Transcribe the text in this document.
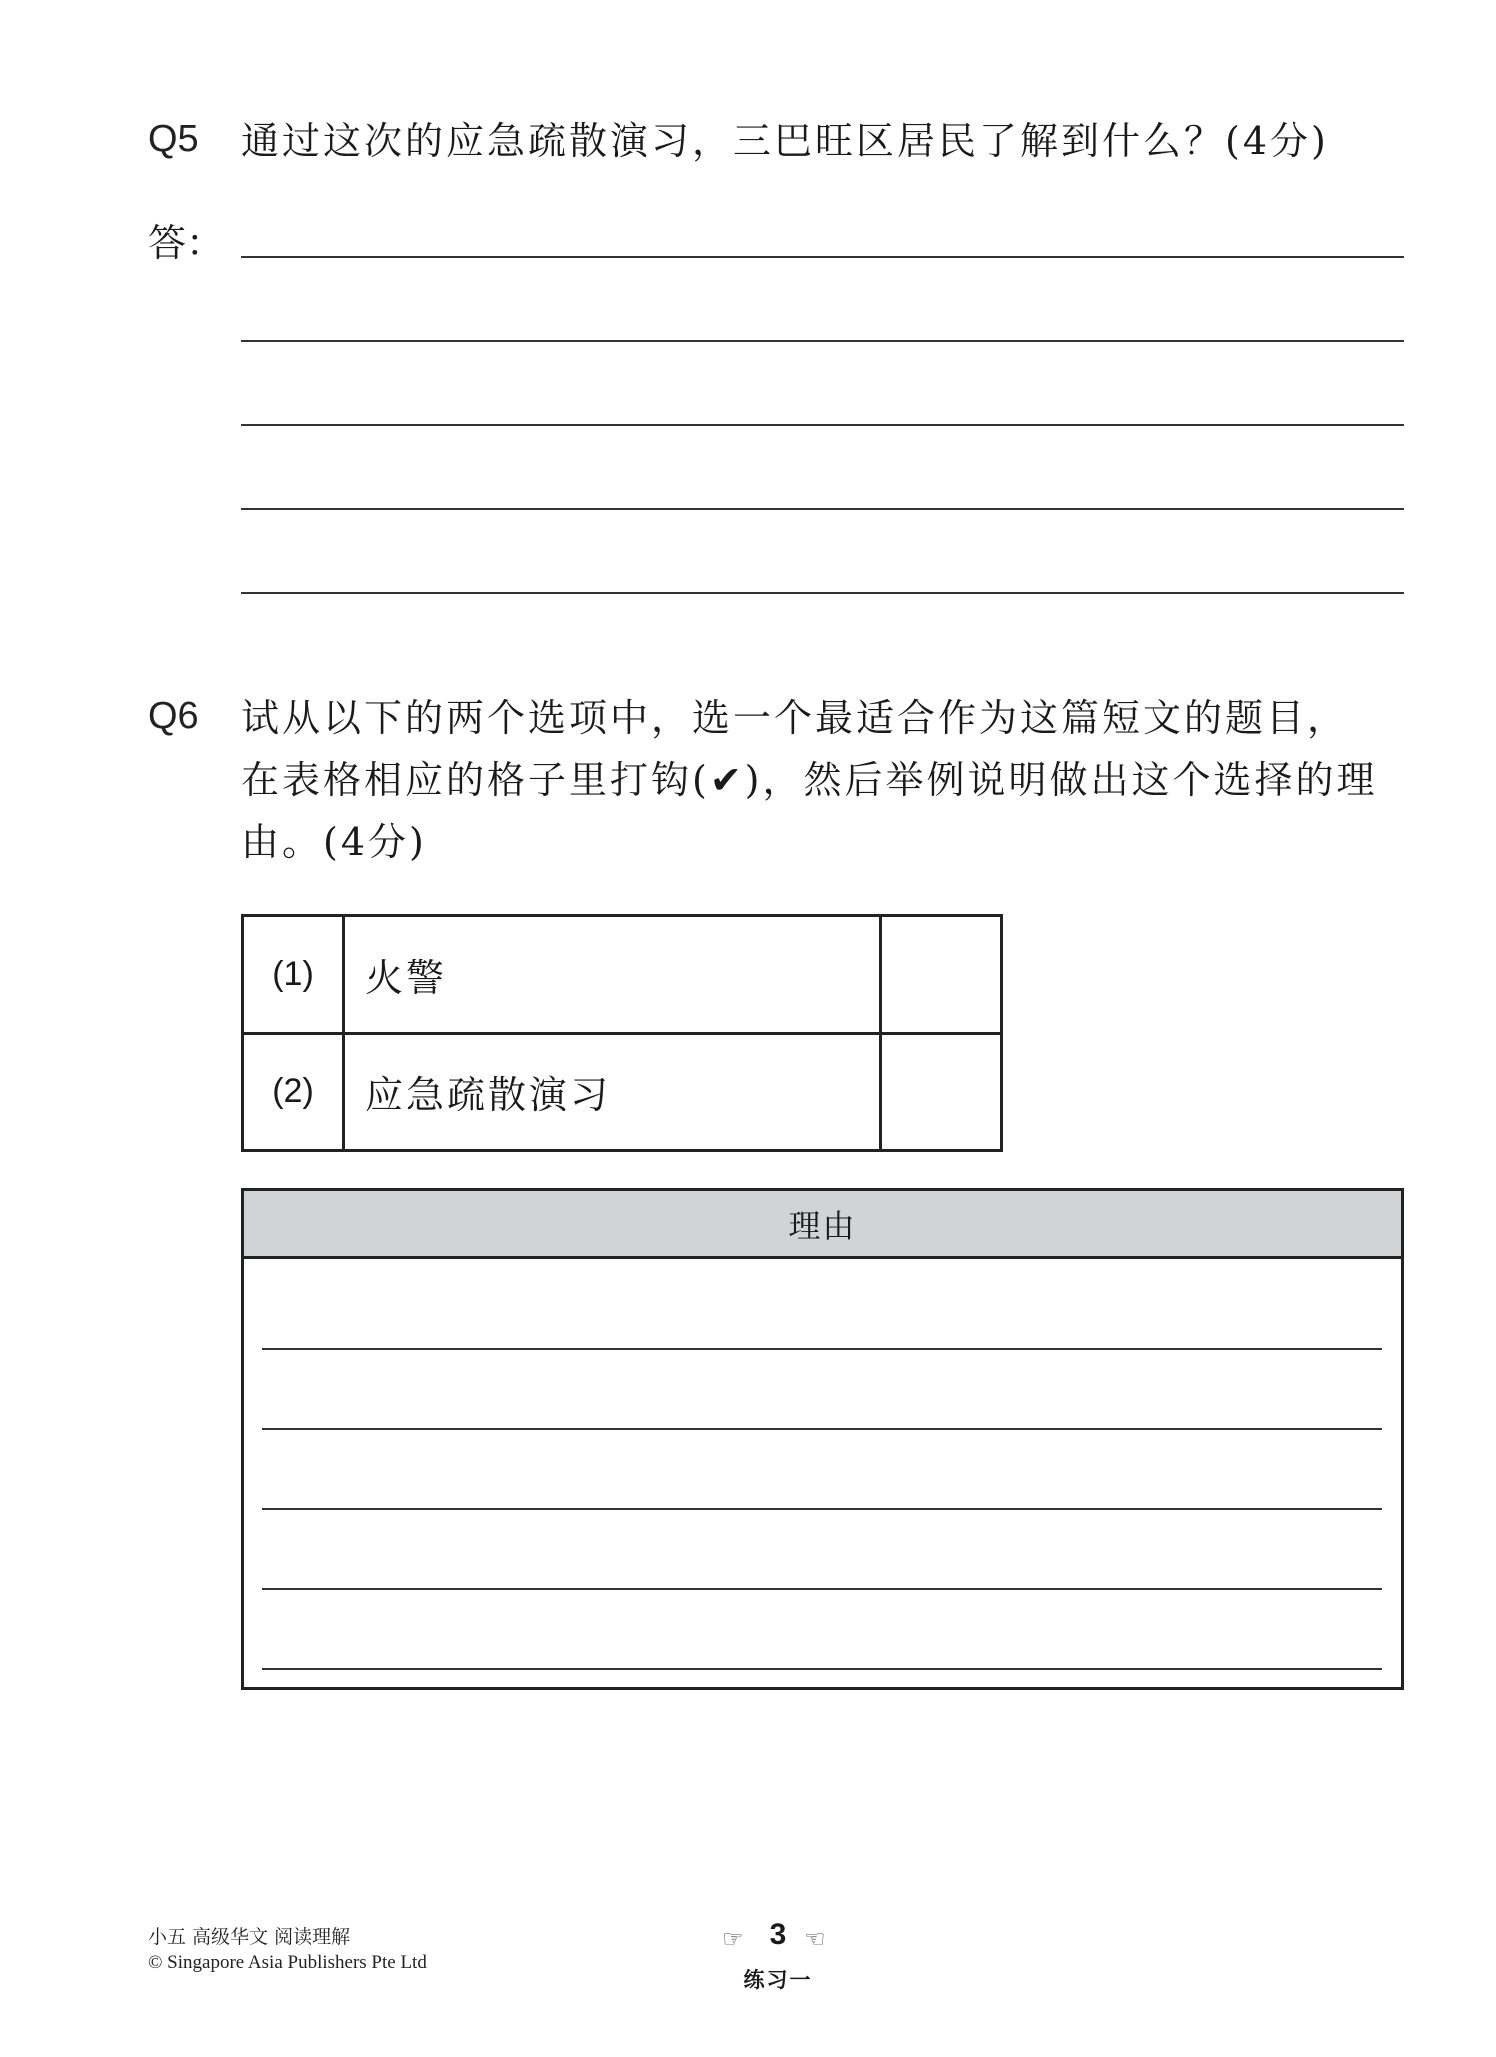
Q5 通过这次的应急疏散演习，三巴旺区居民了解到什么？(4分)
答：
Q6 试从以下的两个选项中，选一个最适合作为这篇短文的题目，
在表格相应的格子里打钩(✔)，然后举例说明做出这个选择的理
由。(4分)
(1)	火警	
(2)	应急疏散演习	
理由
小五 高级华文 阅读理解
© Singapore Asia Publishers Pte Ltd
☞ 3 ☜
练习一
